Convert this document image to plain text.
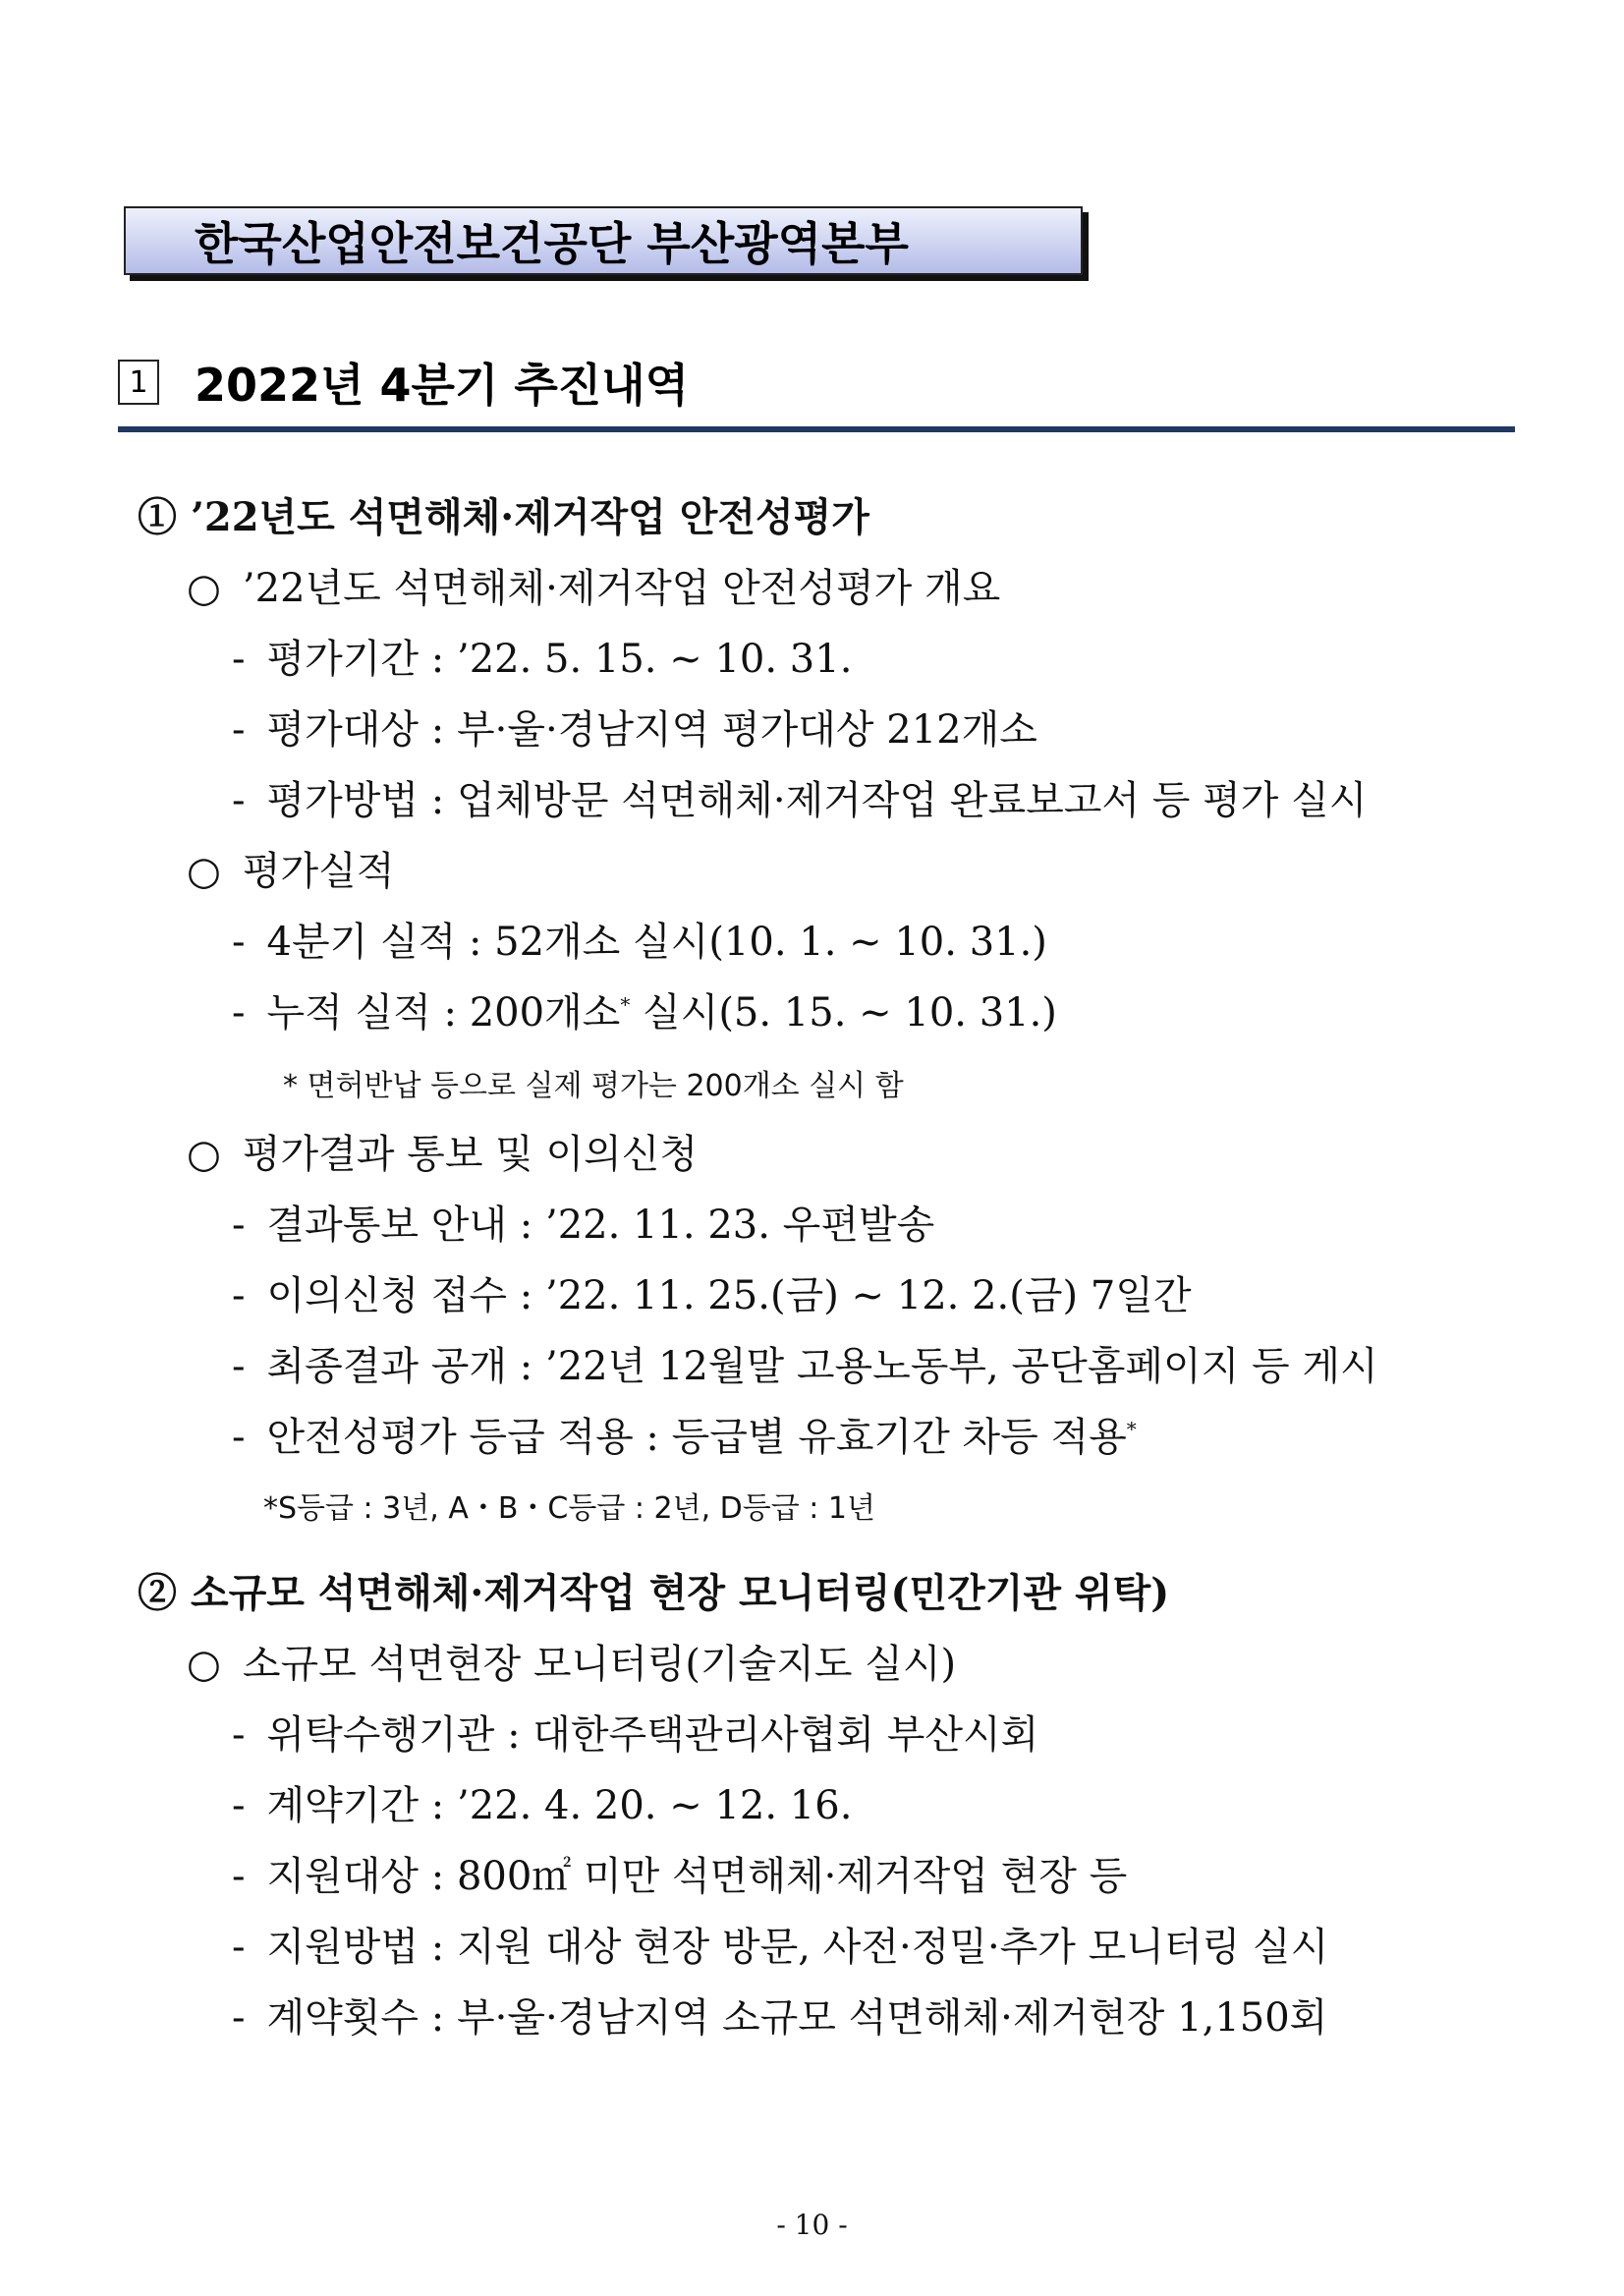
한국산업안전보건공단 부산광역본부
1 2022년 4분기 추진내역
① ’22년도 석면해체·제거작업 안전성평가
○ ’22년도 석면해체·제거작업 안전성평가 개요
- 평가기간 : ’22. 5. 15. ~ 10. 31.
- 평가대상 : 부·울·경남지역 평가대상 212개소
- 평가방법 : 업체방문 석면해체·제거작업 완료보고서 등 평가 실시
○ 평가실적
- 4분기 실적 : 52개소 실시(10. 1. ~ 10. 31.)
- 누적 실적 : 200개소* 실시(5. 15. ~ 10. 31.)
* 면허반납 등으로 실제 평가는 200개소 실시 함
○ 평가결과 통보 및 이의신청
- 결과통보 안내 : ’22. 11. 23. 우편발송
- 이의신청 접수 : ’22. 11. 25.(금) ~ 12. 2.(금) 7일간
- 최종결과 공개 : ’22년 12월말 고용노동부, 공단홈페이지 등 게시
- 안전성평가 등급 적용 : 등급별 유효기간 차등 적용*
*S등급 : 3년, A・B・C등급 : 2년, D등급 : 1년
② 소규모 석면해체·제거작업 현장 모니터링(민간기관 위탁)
○ 소규모 석면현장 모니터링(기술지도 실시)
- 위탁수행기관 : 대한주택관리사협회 부산시회
- 계약기간 : ’22. 4. 20. ~ 12. 16.
- 지원대상 : 800㎡ 미만 석면해체·제거작업 현장 등
- 지원방법 : 지원 대상 현장 방문, 사전·정밀·추가 모니터링 실시
- 계약횟수 : 부·울·경남지역 소규모 석면해체·제거현장 1,150회
- 10 -
